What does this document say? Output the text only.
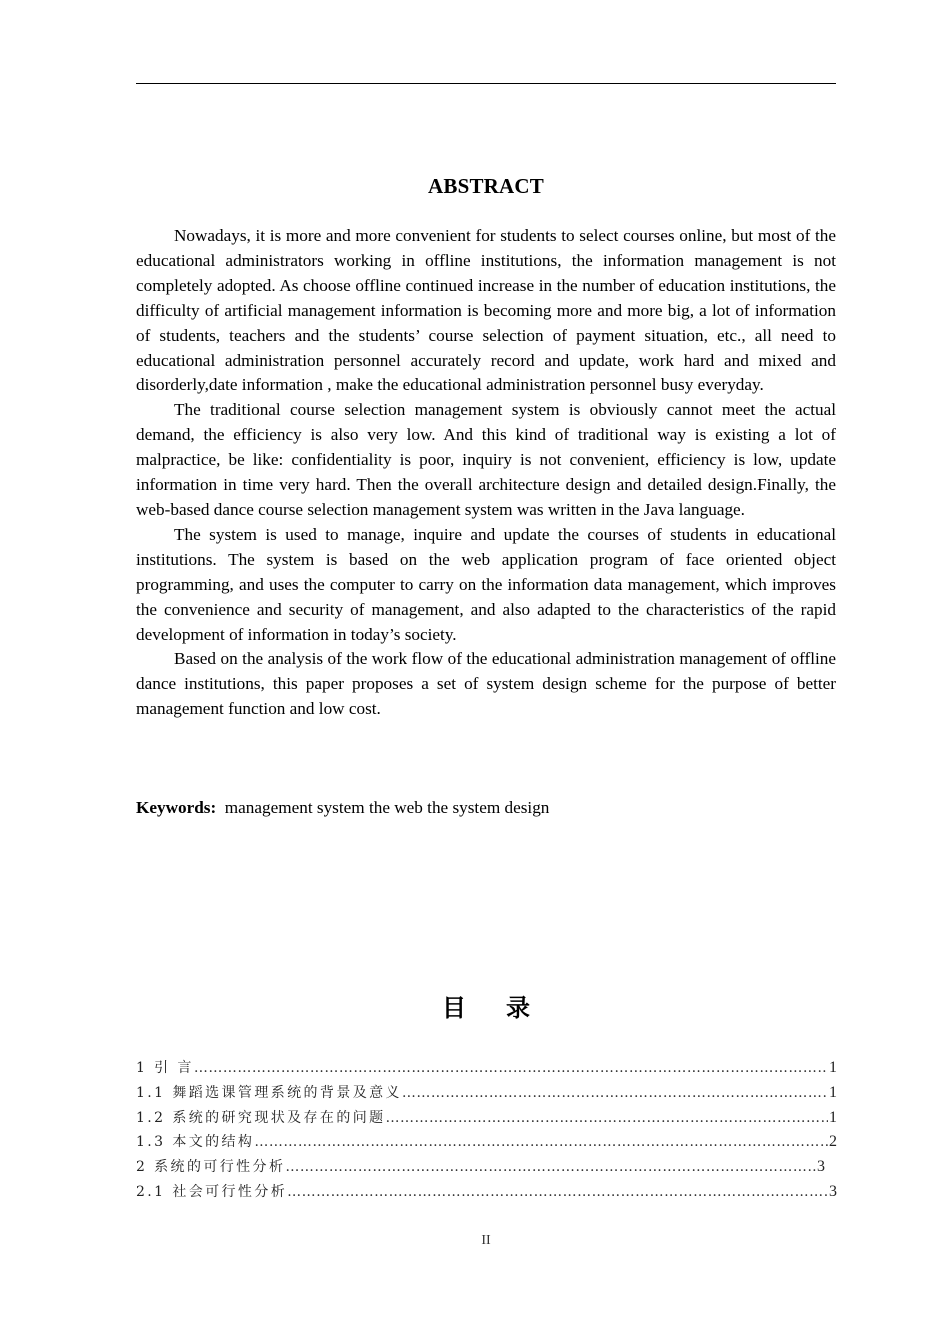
ABSTRACT

Nowadays, it is more and more convenient for students to select courses online, but most of the educational administrators working in offline institutions, the information management is not completely adopted. As choose offline continued increase in the number of education institutions, the difficulty of artificial management information is becoming more and more big, a lot of information of students, teachers and the students’ course selection of payment situation, etc., all need to educational administration personnel accurately record and update, work hard and mixed and disorderly,date information , make the educational administration personnel busy everyday.

The traditional course selection management system is obviously cannot meet the actual demand, the efficiency is also very low. And this kind of traditional way is existing a lot of malpractice, be like: confidentiality is poor, inquiry is not convenient, efficiency is low, update information in time very hard. Then the overall architecture design and detailed design.Finally, the web-based dance course selection management system was written in the Java language.

The system is used to manage, inquire and update the courses of students in educational institutions. The system is based on the web application program of face oriented object programming, and uses the computer to carry on the information data management, which improves the convenience and security of management, and also adapted to the characteristics of the rapid development of information in today’s society.

Based on the analysis of the work flow of the educational administration management of offline dance institutions, this paper proposes a set of system design scheme for the purpose of better management function and low cost.

Keywords: management system the web the system design
目 录
1 引 言 …………………………………………………………………………………………………………………………………………………………………	1
1.1 舞蹈选课管理系统的背景及意义 …………………………………………………………………………………………………………………………………………………………………	1
1.2 系统的研究现状及存在的问题 …………………………………………………………………………………………………………………………………………………………………	1
1.3 本文的结构 …………………………………………………………………………………………………………………………………………………………………	2
2 系统的可行性分析 …………………………………………………………………………………………………………………………………………………………………	3
2.1 社会可行性分析 …………………………………………………………………………………………………………………………………………………………………	3
II
